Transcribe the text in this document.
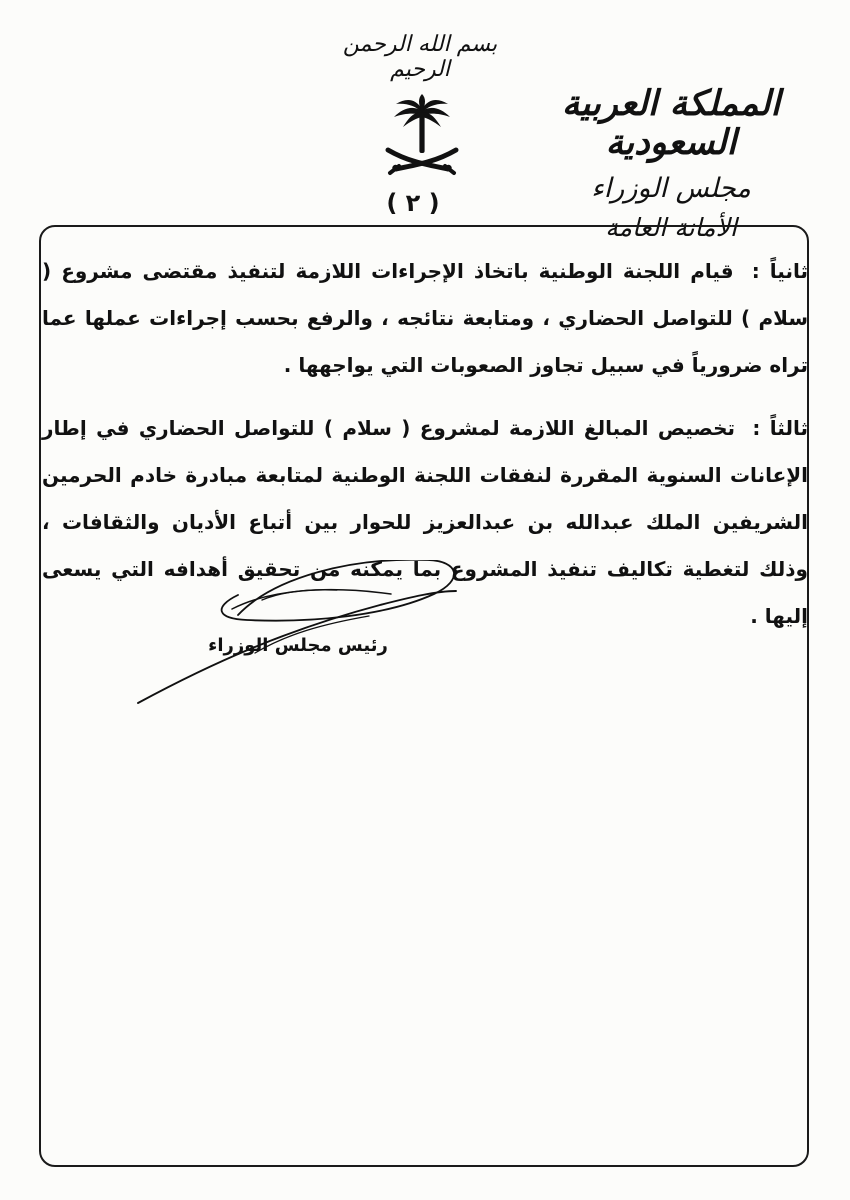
بسم الله الرحمن الرحيم
( ٢ )
المملكة العربية السعودية
مجلس الوزراء
الأمانة العامة
ثانياً : قيام اللجنة الوطنية باتخاذ الإجراءات اللازمة لتنفيذ مقتضى مشروع ( سلام ) للتواصل الحضاري ، ومتابعة نتائجه ، والرفع بحسب إجراءات عملها عما تراه ضرورياً في سبيل تجاوز الصعوبات التي يواجهها .
ثالثاً : تخصيص المبالغ اللازمة لمشروع ( سلام ) للتواصل الحضاري في إطار الإعانات السنوية المقررة لنفقات اللجنة الوطنية لمتابعة مبادرة خادم الحرمين الشريفين الملك عبدالله بن عبدالعزيز للحوار بين أتباع الأديان والثقافات ، وذلك لتغطية تكاليف تنفيذ المشروع بما يمكنه من تحقيق أهدافه التي يسعى إليها .
رئيس مجلس الوزراء
